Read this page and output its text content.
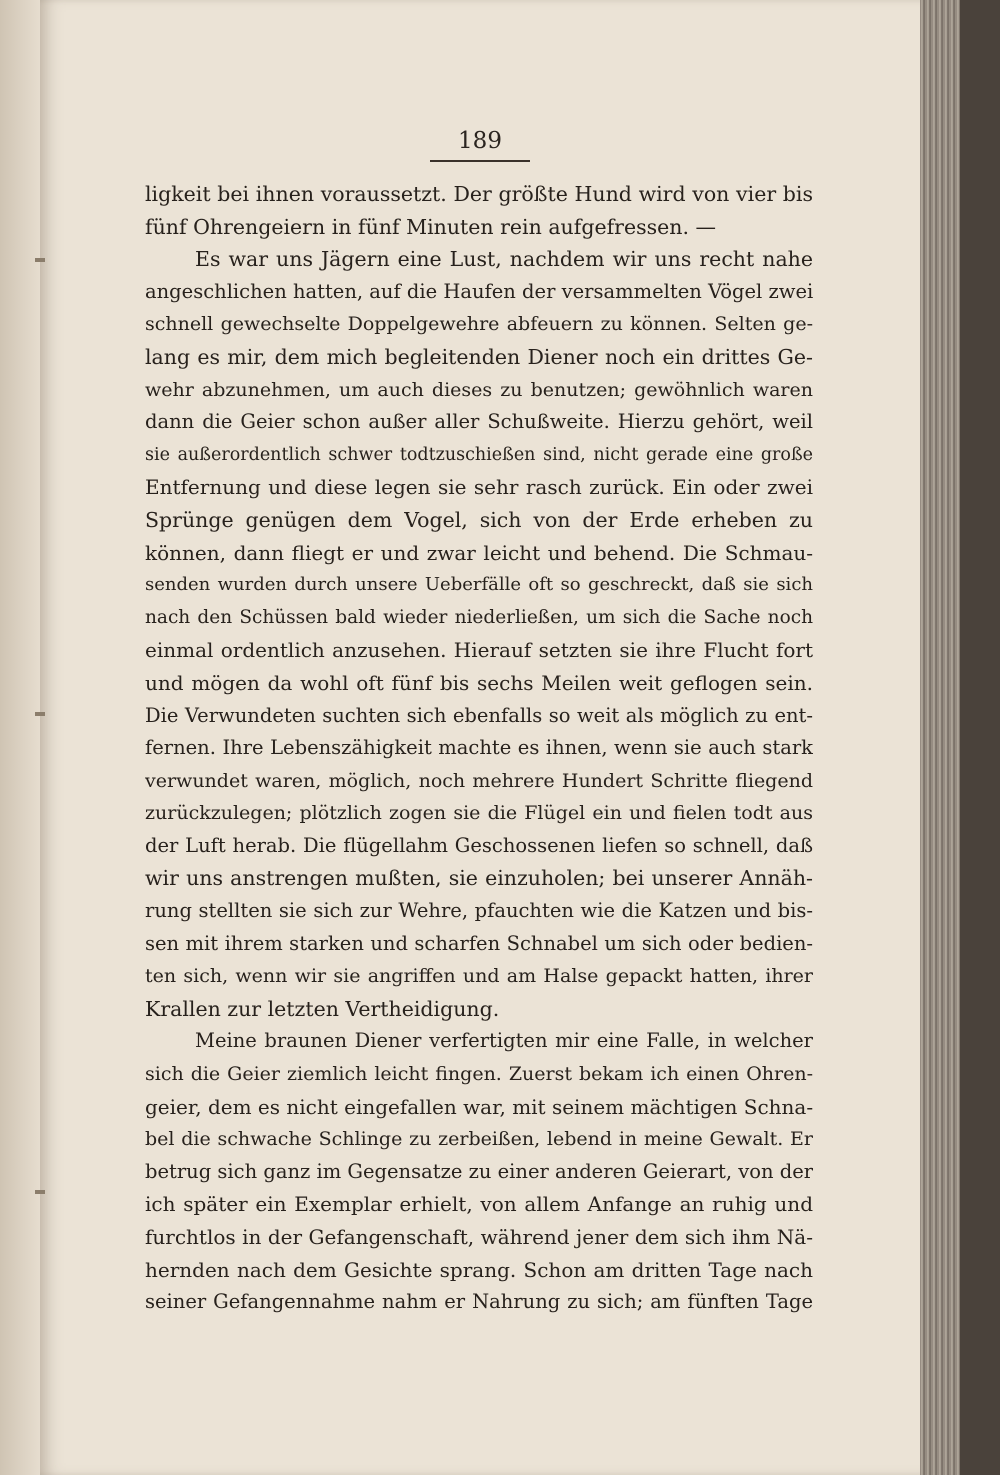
189
ligkeit bei ihnen voraussetzt. Der größte Hund wird von vier bis
fünf Ohrengeiern in fünf Minuten rein aufgefressen. —
Es war uns Jägern eine Lust, nachdem wir uns recht nahe
angeschlichen hatten, auf die Haufen der versammelten Vögel zwei
schnell gewechselte Doppelgewehre abfeuern zu können. Selten ge-
lang es mir, dem mich begleitenden Diener noch ein drittes Ge-
wehr abzunehmen, um auch dieses zu benutzen; gewöhnlich waren
dann die Geier schon außer aller Schußweite. Hierzu gehört, weil
sie außerordentlich schwer todtzuschießen sind, nicht gerade eine große
Entfernung und diese legen sie sehr rasch zurück. Ein oder zwei
Sprünge genügen dem Vogel, sich von der Erde erheben zu
können, dann fliegt er und zwar leicht und behend. Die Schmau-
senden wurden durch unsere Ueberfälle oft so geschreckt, daß sie sich
nach den Schüssen bald wieder niederließen, um sich die Sache noch
einmal ordentlich anzusehen. Hierauf setzten sie ihre Flucht fort
und mögen da wohl oft fünf bis sechs Meilen weit geflogen sein.
Die Verwundeten suchten sich ebenfalls so weit als möglich zu ent-
fernen. Ihre Lebenszähigkeit machte es ihnen, wenn sie auch stark
verwundet waren, möglich, noch mehrere Hundert Schritte fliegend
zurückzulegen; plötzlich zogen sie die Flügel ein und fielen todt aus
der Luft herab. Die flügellahm Geschossenen liefen so schnell, daß
wir uns anstrengen mußten, sie einzuholen; bei unserer Annäh-
rung stellten sie sich zur Wehre, pfauchten wie die Katzen und bis-
sen mit ihrem starken und scharfen Schnabel um sich oder bedien-
ten sich, wenn wir sie angriffen und am Halse gepackt hatten, ihrer
Krallen zur letzten Vertheidigung.
Meine braunen Diener verfertigten mir eine Falle, in welcher
sich die Geier ziemlich leicht fingen. Zuerst bekam ich einen Ohren-
geier, dem es nicht eingefallen war, mit seinem mächtigen Schna-
bel die schwache Schlinge zu zerbeißen, lebend in meine Gewalt. Er
betrug sich ganz im Gegensatze zu einer anderen Geierart, von der
ich später ein Exemplar erhielt, von allem Anfange an ruhig und
furchtlos in der Gefangenschaft, während jener dem sich ihm Nä-
hernden nach dem Gesichte sprang. Schon am dritten Tage nach
seiner Gefangennahme nahm er Nahrung zu sich; am fünften Tage
